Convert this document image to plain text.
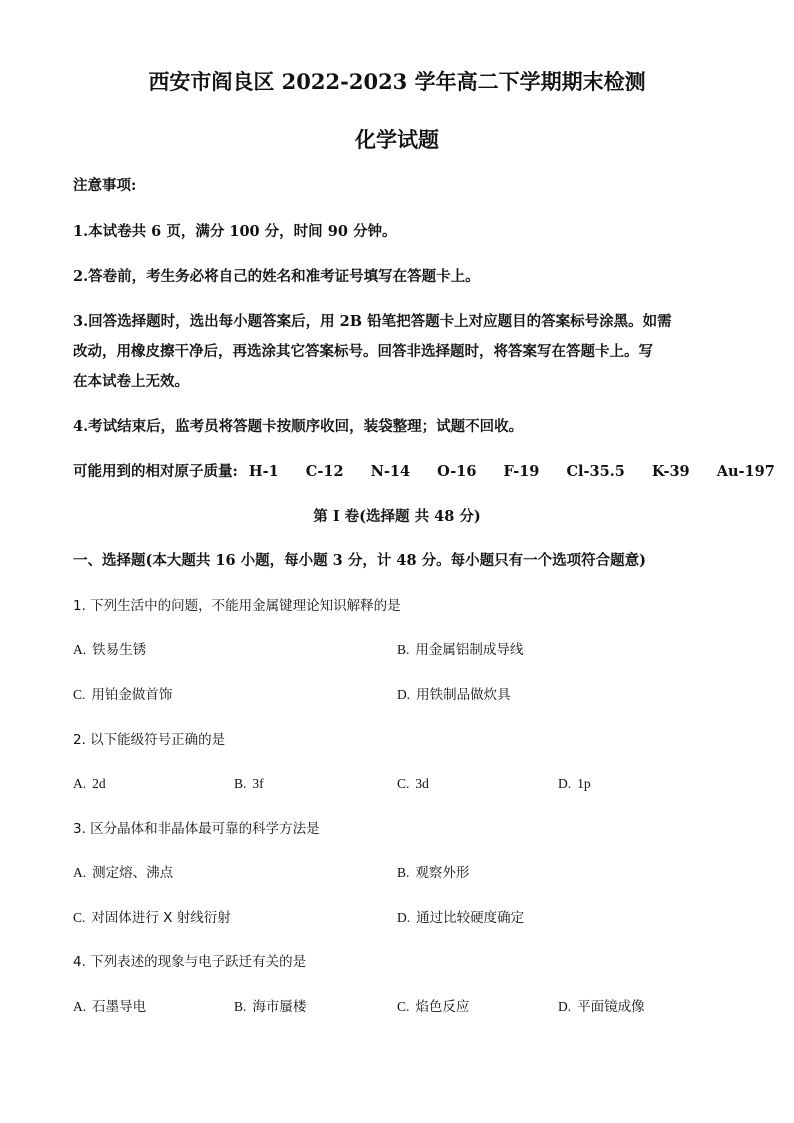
西安市阎良区 2022-2023 学年高二下学期期末检测
化学试题
注意事项:
1.本试卷共 6 页，满分 100 分，时间 90 分钟。
2.答卷前，考生务必将自己的姓名和准考证号填写在答题卡上。
3.回答选择题时，选出每小题答案后，用 2B 铅笔把答题卡上对应题目的答案标号涂黑。如需
改动，用橡皮擦干净后，再选涂其它答案标号。回答非选择题时，将答案写在答题卡上。写
在本试卷上无效。
4.考试结束后，监考员将答题卡按顺序收回，装袋整理；试题不回收。
可能用到的相对原子质量: H-1 C-12 N-14 O-16 F-19 Cl-35.5 K-39 Au-197
第 I 卷(选择题 共 48 分)
一、选择题(本大题共 16 小题，每小题 3 分，计 48 分。每小题只有一个选项符合题意)
1. 下列生活中的问题，不能用金属键理论知识解释的是
A. 铁易生锈	B. 用金属铝制成导线
C. 用铂金做首饰	D. 用铁制品做炊具
2. 以下能级符号正确的是
A. 2d	B. 3f	C. 3d	D. 1p
3. 区分晶体和非晶体最可靠的科学方法是
A. 测定熔、沸点	B. 观察外形
C. 对固体进行 X 射线衍射	D. 通过比较硬度确定
4. 下列表述的现象与电子跃迁有关的是
A. 石墨导电	B. 海市蜃楼	C. 焰色反应	D. 平面镜成像
